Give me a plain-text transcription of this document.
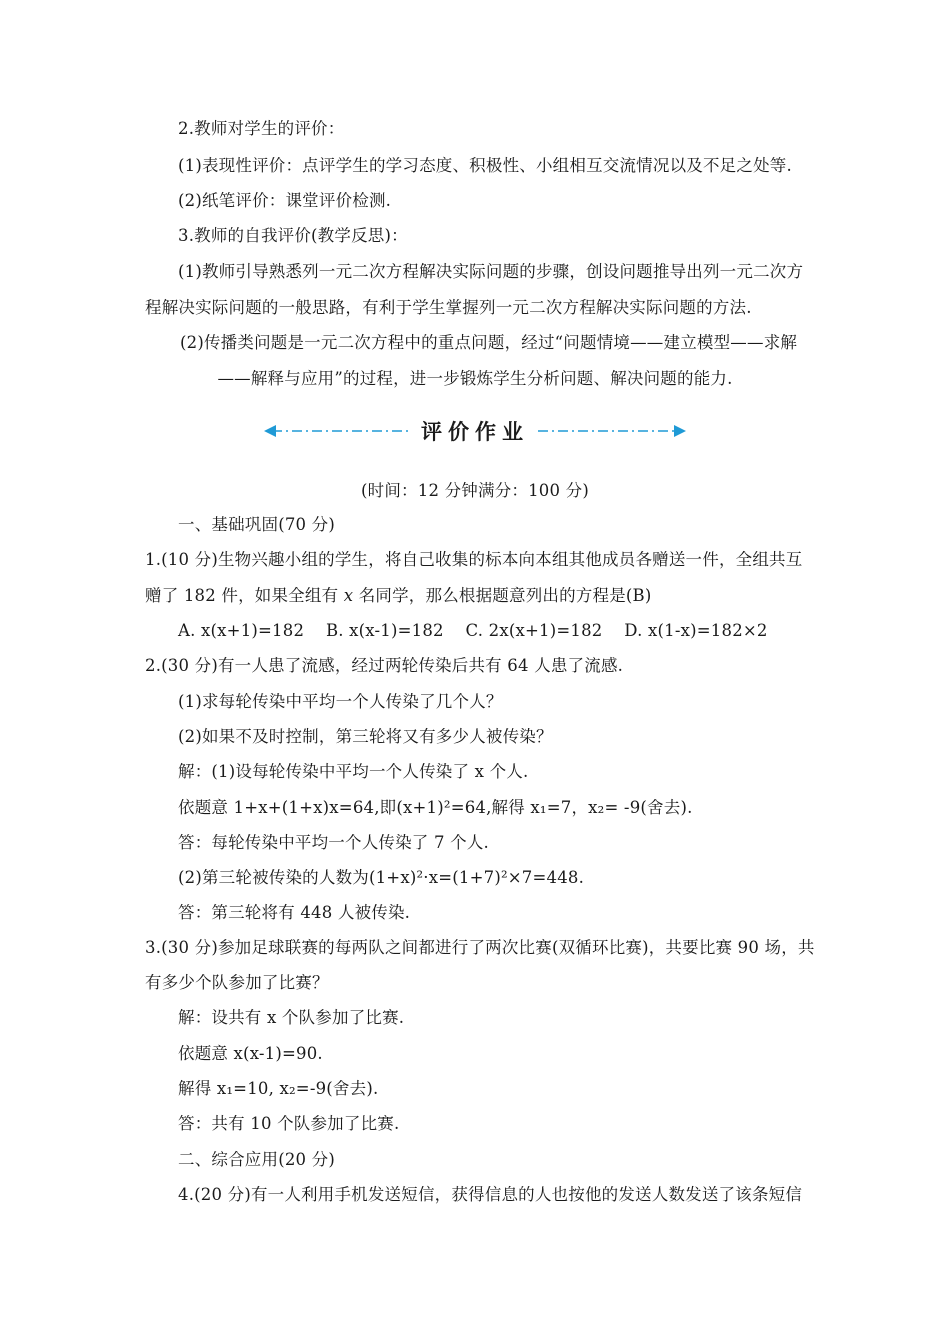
2.教师对学生的评价：
(1)表现性评价：点评学生的学习态度、积极性、小组相互交流情况以及不足之处等.
(2)纸笔评价：课堂评价检测.
3.教师的自我评价(教学反思)：
(1)教师引导熟悉列一元二次方程解决实际问题的步骤，创设问题推导出列一元二次方
程解决实际问题的一般思路，有利于学生掌握列一元二次方程解决实际问题的方法.
(2)传播类问题是一元二次方程中的重点问题，经过“问题情境——建立模型——求解
——解释与应用”的过程，进一步锻炼学生分析问题、解决问题的能力.
评价作业
(时间：12 分钟满分：100 分)
一、基础巩固(70 分)
1.(10 分)生物兴趣小组的学生，将自己收集的标本向本组其他成员各赠送一件，全组共互
赠了 182 件，如果全组有 x 名同学，那么根据题意列出的方程是(B)
A. x(x+1)=182 B. x(x-1)=182 C. 2x(x+1)=182 D. x(1-x)=182×2
2.(30 分)有一人患了流感，经过两轮传染后共有 64 人患了流感.
(1)求每轮传染中平均一个人传染了几个人？
(2)如果不及时控制，第三轮将又有多少人被传染？
解：(1)设每轮传染中平均一个人传染了 x 个人.
依题意 1+x+(1+x)x=64,即(x+1)²=64,解得 x₁=7，x₂= -9(舍去).
答：每轮传染中平均一个人传染了 7 个人.
(2)第三轮被传染的人数为(1+x)²·x=(1+7)²×7=448.
答：第三轮将有 448 人被传染.
3.(30 分)参加足球联赛的每两队之间都进行了两次比赛(双循环比赛)，共要比赛 90 场，共
有多少个队参加了比赛？
解：设共有 x 个队参加了比赛.
依题意 x(x-1)=90.
解得 x₁=10, x₂=-9(舍去).
答：共有 10 个队参加了比赛.
二、综合应用(20 分)
4.(20 分)有一人利用手机发送短信，获得信息的人也按他的发送人数发送了该条短信
